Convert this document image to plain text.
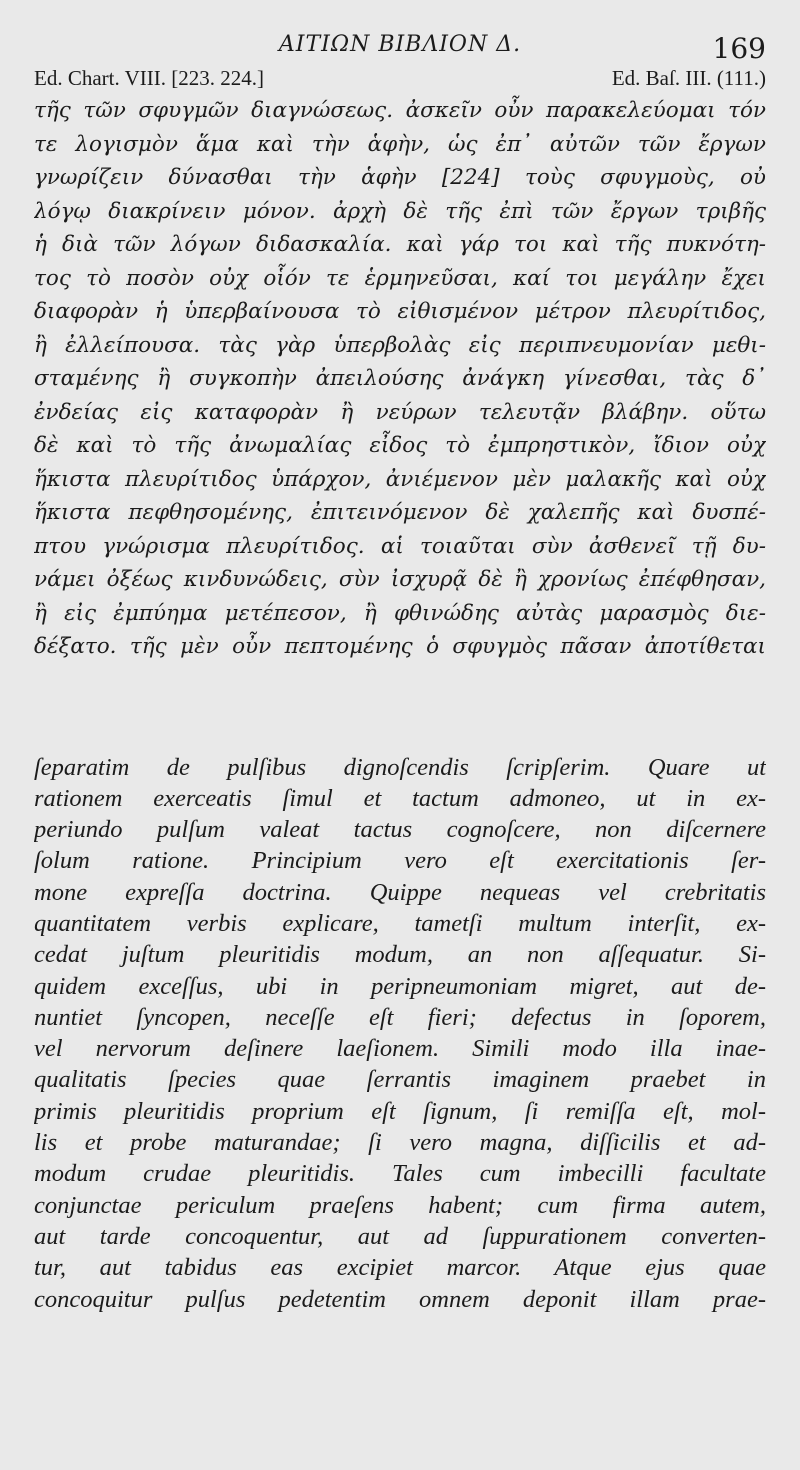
ΑΙΤΙΩΝ ΒΙΒΛΙΟΝ Δ.	169
Ed. Chart. VIII. [223. 224.]	Ed. Baſ. III. (111.)
τῆς τῶν σφυγμῶν διαγνώσεως. ἀσκεῖν οὖν παρακελεύομαι τόν
τε λογισμὸν ἅμα καὶ τὴν ἁφὴν, ὡς ἐπ᾽ αὐτῶν τῶν ἔργων
γνωρίζειν δύνασθαι τὴν ἁφὴν [224] τοὺς σφυγμοὺς, οὐ
λόγῳ διακρίνειν μόνον. ἀρχὴ δὲ τῆς ἐπὶ τῶν ἔργων τριβῆς
ἡ διὰ τῶν λόγων διδασκαλία. καὶ γάρ τοι καὶ τῆς πυκνότη-
τος τὸ ποσὸν οὐχ οἷόν τε ἑρμηνεῦσαι, καί τοι μεγάλην ἔχει
διαφορὰν ἡ ὑπερβαίνουσα τὸ εἰθισμένον μέτρον πλευρίτιδος,
ἢ ἐλλείπουσα. τὰς γὰρ ὑπερβολὰς εἰς περιπνευμονίαν μεθι-
σταμένης ἢ συγκοπὴν ἀπειλούσης ἀνάγκη γίνεσθαι, τὰς δ᾽
ἐνδείας εἰς καταφορὰν ἢ νεύρων τελευτᾷν βλάβην. οὕτω
δὲ καὶ τὸ τῆς ἀνωμαλίας εἶδος τὸ ἐμπρηστικὸν, ἴδιον οὐχ
ἥκιστα πλευρίτιδος ὑπάρχον, ἀνιέμενον μὲν μαλακῆς καὶ οὐχ
ἥκιστα πεφθησομένης, ἐπιτεινόμενον δὲ χαλεπῆς καὶ δυσπέ-
πτου γνώρισμα πλευρίτιδος. αἱ τοιαῦται σὺν ἀσθενεῖ τῇ δυ-
νάμει ὀξέως κινδυνώδεις, σὺν ἰσχυρᾷ δὲ ἢ χρονίως ἐπέφθησαν,
ἢ εἰς ἐμπύημα μετέπεσον, ἢ φθινώδης αὐτὰς μαρασμὸς διε-
δέξατο. τῆς μὲν οὖν πεπτομένης ὁ σφυγμὸς πᾶσαν ἀποτίθεται
ſeparatim de pulſibus dignoſcendis ſcripſerim. Quare ut
rationem exerceatis ſimul et tactum admoneo, ut in ex-
periundo pulſum valeat tactus cognoſcere, non diſcernere
ſolum ratione. Principium vero eſt exercitationis ſer-
mone expreſſa doctrina. Quippe nequeas vel crebritatis
quantitatem verbis explicare, tametſi multum interſit, ex-
cedat juſtum pleuritidis modum, an non aſſequatur. Si-
quidem exceſſus, ubi in peripneumoniam migret, aut de-
nuntiet ſyncopen, neceſſe eſt fieri; defectus in ſoporem,
vel nervorum deſinere laeſionem. Simili modo illa inae-
qualitatis ſpecies quae ſerrantis imaginem praebet in
primis pleuritidis proprium eſt ſignum, ſi remiſſa eſt, mol-
lis et probe maturandae; ſi vero magna, diſſicilis et ad-
modum crudae pleuritidis. Tales cum imbecilli facultate
conjunctae periculum praeſens habent; cum firma autem,
aut tarde concoquentur, aut ad ſuppurationem converten-
tur, aut tabidus eas excipiet marcor. Atque ejus quae
concoquitur pulſus pedetentim omnem deponit illam prae-
